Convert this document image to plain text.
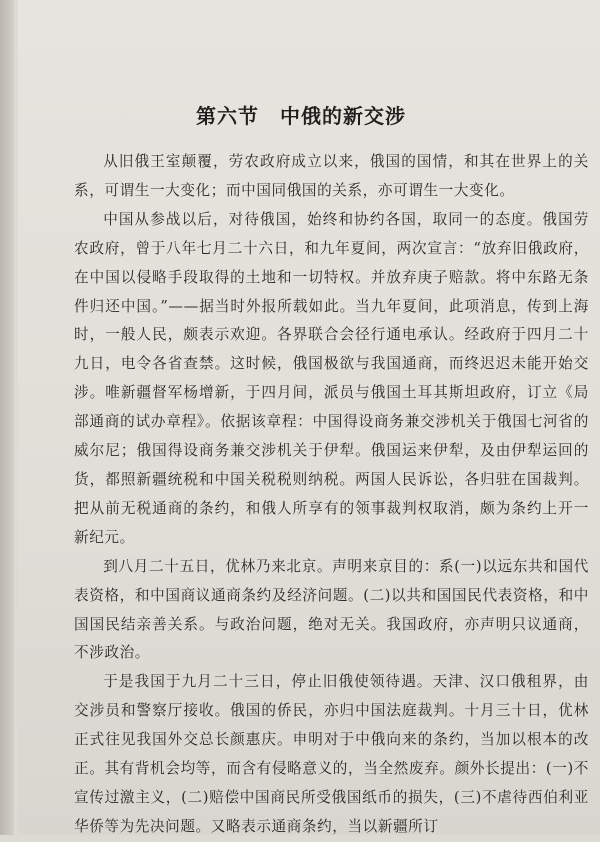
第六节　中俄的新交涉

从旧俄王室颠覆，劳农政府成立以来，俄国的国情，和其在世界上的关系，可谓生一大变化；而中国同俄国的关系，亦可谓生一大变化。

中国从参战以后，对待俄国，始终和协约各国，取同一的态度。俄国劳农政府，曾于八年七月二十六日，和九年夏间，两次宣言：“放弃旧俄政府，在中国以侵略手段取得的土地和一切特权。并放弃庚子赔款。将中东路无条件归还中国。”——据当时外报所载如此。当九年夏间，此项消息，传到上海时，一般人民，颇表示欢迎。各界联合会径行通电承认。经政府于四月二十九日，电令各省查禁。这时候，俄国极欲与我国通商，而终迟迟未能开始交涉。唯新疆督军杨增新，于四月间，派员与俄国土耳其斯坦政府，订立《局部通商的试办章程》。依据该章程：中国得设商务兼交涉机关于俄国七河省的威尔尼；俄国得设商务兼交涉机关于伊犁。俄国运来伊犁，及由伊犁运回的货，都照新疆统税和中国关税税则纳税。两国人民诉讼，各归驻在国裁判。把从前无税通商的条约，和俄人所享有的领事裁判权取消，颇为条约上开一新纪元。

到八月二十五日，优林乃来北京。声明来京目的：系(一)以远东共和国代表资格，和中国商议通商条约及经济问题。(二)以共和国国民代表资格，和中国国民结亲善关系。与政治问题，绝对无关。我国政府，亦声明只议通商，不涉政治。

于是我国于九月二十三日，停止旧俄使领待遇。天津、汉口俄租界，由交涉员和警察厅接收。俄国的侨民，亦归中国法庭裁判。十月三十日，优林正式往见我国外交总长颜惠庆。申明对于中俄向来的条约，当加以根本的改正。其有背机会均等，而含有侵略意义的，当全然废弃。颜外长提出：(一)不宣传过激主义，(二)赔偿中国商民所受俄国纸币的损失，(三)不虐待西伯利亚华侨等为先决问题。又略表示通商条约，当以新疆所订
